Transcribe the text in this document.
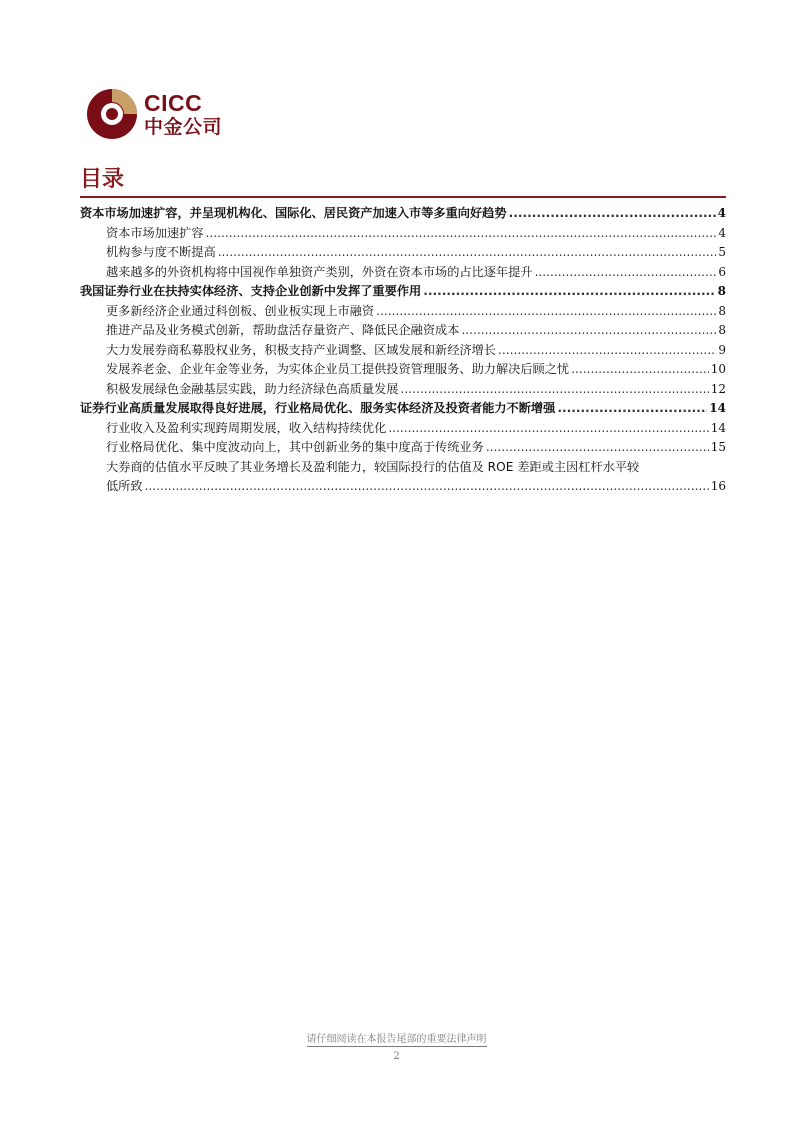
CICC
中金公司
目录
资本市场加速扩容，并呈现机构化、国际化、居民资产加速入市等多重向好趋势 .....	4
资本市场加速扩容 .....	4
机构参与度不断提高 .....	5
越来越多的外资机构将中国视作单独资产类别，外资在资本市场的占比逐年提升 .....	6
我国证券行业在扶持实体经济、支持企业创新中发挥了重要作用 .....	8
更多新经济企业通过科创板、创业板实现上市融资 .....	8
推进产品及业务模式创新，帮助盘活存量资产、降低民企融资成本 .....	8
大力发展券商私募股权业务，积极支持产业调整、区域发展和新经济增长 .....	9
发展养老金、企业年金等业务，为实体企业员工提供投资管理服务、助力解决后顾之忧 .....	10
积极发展绿色金融基层实践，助力经济绿色高质量发展 .....	12
证券行业高质量发展取得良好进展，行业格局优化、服务实体经济及投资者能力不断增强 .....	14
行业收入及盈利实现跨周期发展，收入结构持续优化 .....	14
行业格局优化、集中度波动向上，其中创新业务的集中度高于传统业务 .....	15
大券商的估值水平反映了其业务增长及盈利能力，较国际投行的估值及 ROE 差距或主因杠杆水平较
低所致 .....	16
请仔细阅读在本报告尾部的重要法律声明
2
